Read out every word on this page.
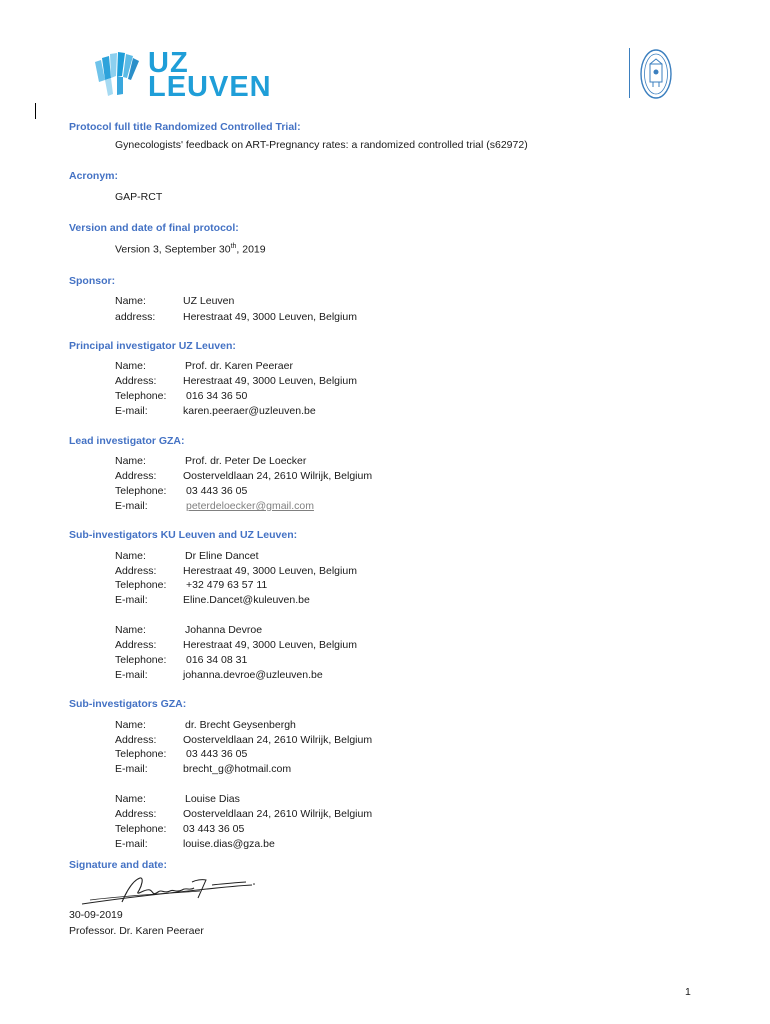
UZ
LEUVEN
Protocol full title Randomized Controlled Trial:
Gynecologists' feedback on ART-Pregnancy rates: a randomized controlled trial (s62972)
Acronym:
GAP-RCT
Version and date of final protocol:
Version 3, September 30th, 2019
Sponsor:
Name:	UZ Leuven
address:	Herestraat 49, 3000 Leuven, Belgium
Principal investigator UZ Leuven:
Name:	Prof. dr. Karen Peeraer
Address:	Herestraat 49, 3000 Leuven, Belgium
Telephone: 016 34 36 50
E-mail:	karen.peeraer@uzleuven.be
Lead investigator GZA:
Name:	Prof. dr. Peter De Loecker
Address:	Oosterveldlaan 24, 2610 Wilrijk, Belgium
Telephone: 03 443 36 05
E-mail:	peterdeloecker@gmail.com
Sub-investigators KU Leuven and UZ Leuven:
Name:	Dr Eline Dancet
Address:	Herestraat 49, 3000 Leuven, Belgium
Telephone: +32 479 63 57 11
E-mail:	Eline.Dancet@kuleuven.be
Name:	Johanna Devroe
Address:	Herestraat 49, 3000 Leuven, Belgium
Telephone: 016 34 08 31
E-mail:	johanna.devroe@uzleuven.be
Sub-investigators GZA:
Name:	dr. Brecht Geysenbergh
Address:	Oosterveldlaan 24, 2610 Wilrijk, Belgium
Telephone: 03 443 36 05
E-mail:	brecht_g@hotmail.com
Name:	Louise Dias
Address:	Oosterveldlaan 24, 2610 Wilrijk, Belgium
Telephone: 03 443 36 05
E-mail:	louise.dias@gza.be
Signature and date:
30-09-2019
Professor. Dr. Karen Peeraer
1
